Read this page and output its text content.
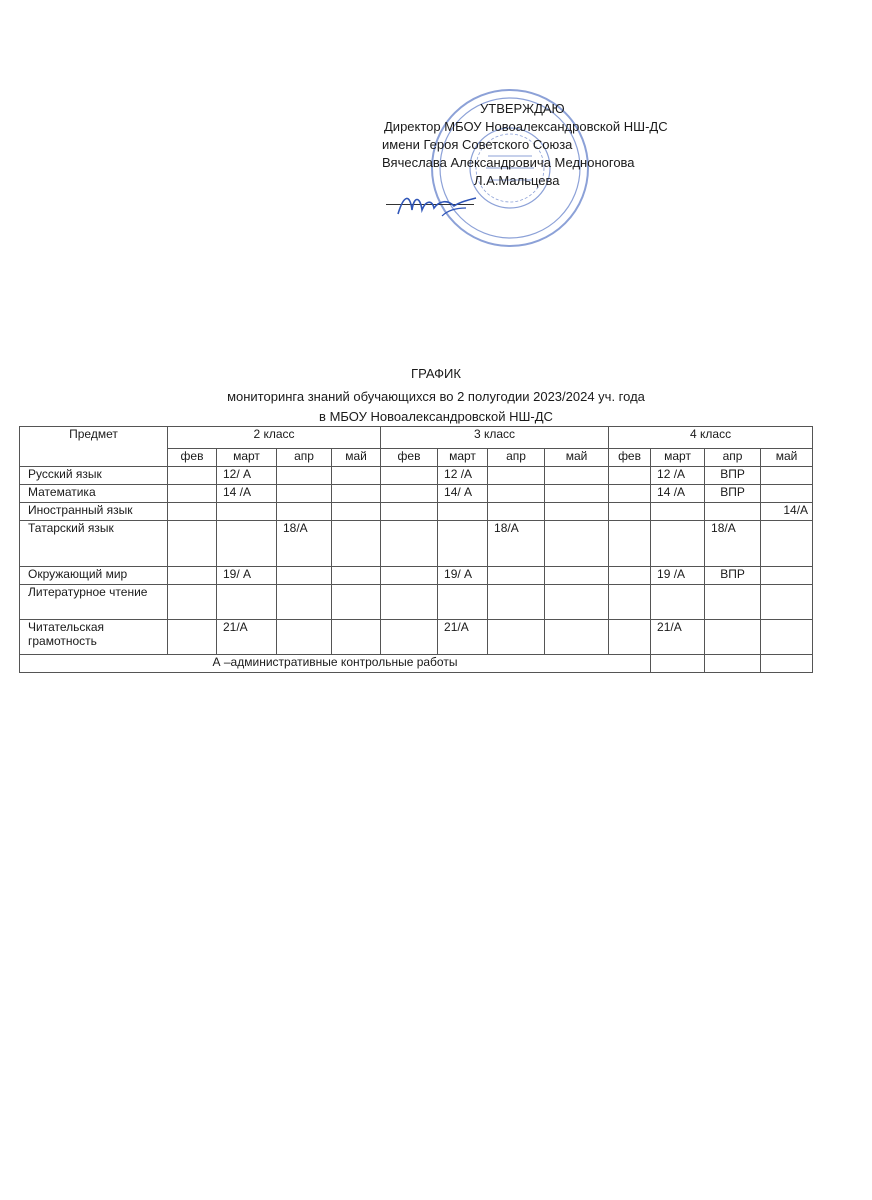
УТВЕРЖДАЮ
Директор МБОУ Новоалександровской НШ-ДС
имени Героя Советского Союза
Вячеслава Александровича Медноногова
Л.А.Мальцева
ГРАФИК
мониторинга знаний обучающихся во 2 полугодии 2023/2024 уч. года
в МБОУ Новоалександровской НШ-ДС
Предмет	2 класс				3 класс				4 класс			
	фев	март	апр	май	фев	март	апр	май	фев	март	апр	май
Русский язык		12/ А				12 /А				12 /А	ВПР	
Математика		14 /А				14/ А				14 /А	ВПР	
Иностранный язык												14/А
Татарский язык			18/А				18/А				18/А	
Окружающий мир		19/ А				19/ А				19 /А	ВПР	
Литературное чтение												
Читательская грамотность		21/А				21/А				21/А		
А –административные контрольные работы												
